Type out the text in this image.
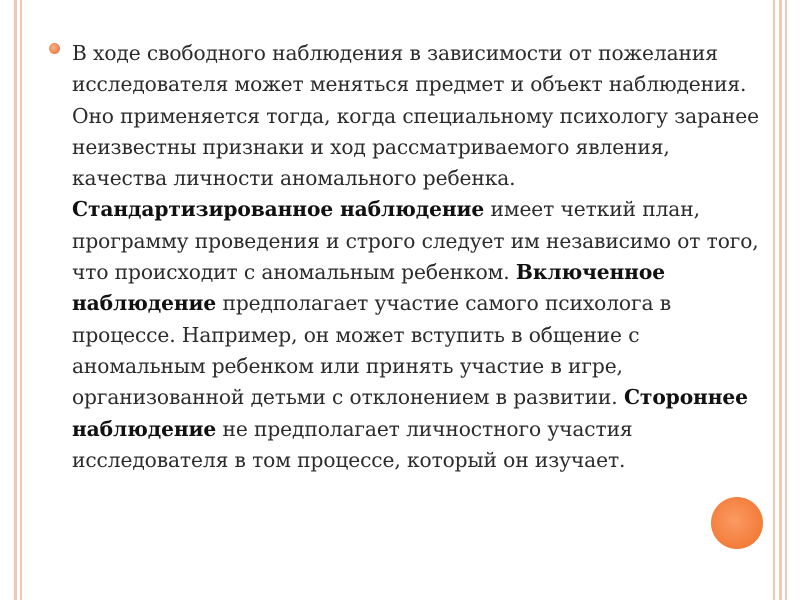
В ходе свободного наблюдения в зависимости от пожелания исследователя может меняться предмет и объект наблюдения. Оно применяется тогда, когда специальному психологу заранее неизвестны признаки и ход рассматриваемого явления, качества личности аномального ребенка. Стандартизированное наблюдение имеет четкий план, программу проведения и строго следует им независимо от того, что происходит с аномальным ребенком. Включенное наблюдение предполагает участие самого психолога в процессе. Например, он может вступить в общение с аномальным ребенком или принять участие в игре, организованной детьми с отклонением в развитии. Стороннее наблюдение не предполагает личностного участия исследователя в том процессе, который он изучает.
